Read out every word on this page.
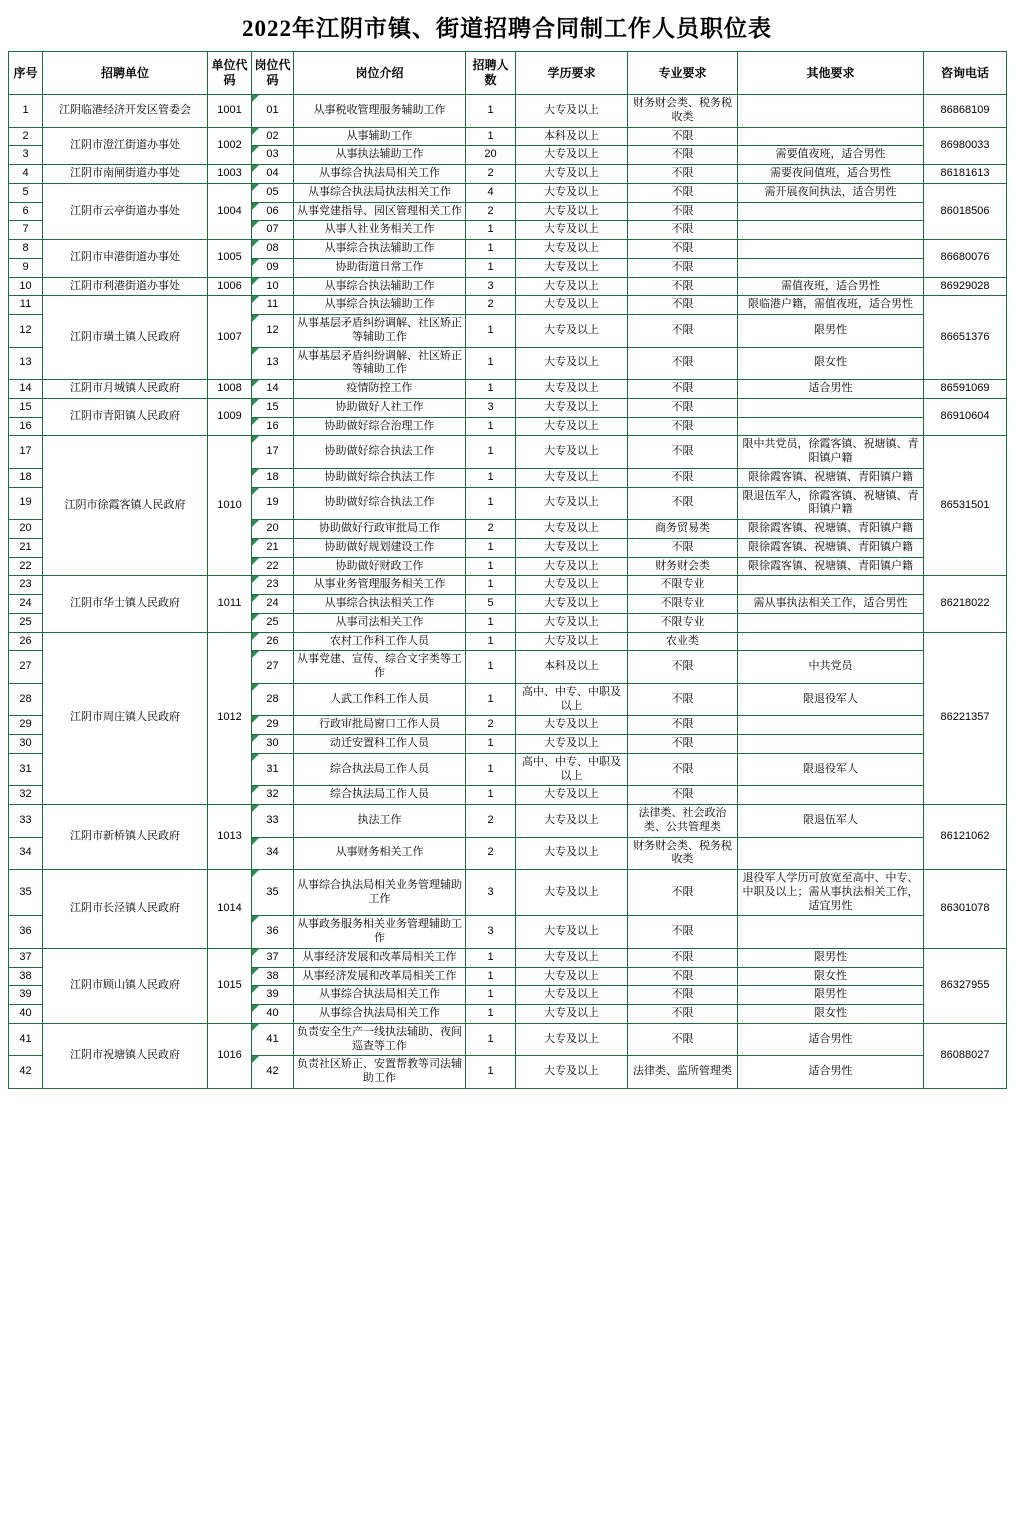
2022年江阴市镇、街道招聘合同制工作人员职位表
序号	招聘单位	单位代码	岗位代码	岗位介绍	招聘人数	学历要求	专业要求	其他要求	咨询电话
1	江阴临港经济开发区管委会	1001	01	从事税收管理服务辅助工作	1	大专及以上	财务财会类、税务税收类		86868109
2	江阴市澄江街道办事处	1002	02	从事辅助工作	1	本科及以上	不限		86980033
3			03	从事执法辅助工作	20	大专及以上	不限	需要值夜班，适合男性	
4	江阴市南闸街道办事处	1003	04	从事综合执法局相关工作	2	大专及以上	不限	需要夜间值班，适合男性	86181613
5	江阴市云亭街道办事处	1004	05	从事综合执法局执法相关工作	4	大专及以上	不限	需开展夜间执法，适合男性	86018506
6			06	从事党建指导、园区管理相关工作	2	大专及以上	不限		
7			07	从事人社业务相关工作	1	大专及以上	不限		
8	江阴市申港街道办事处	1005	08	从事综合执法辅助工作	1	大专及以上	不限		86680076
9			09	协助街道日常工作	1	大专及以上	不限		
10	江阴市利港街道办事处	1006	10	从事综合执法辅助工作	3	大专及以上	不限	需值夜班，适合男性	86929028
11	江阴市璜土镇人民政府	1007	11	从事综合执法辅助工作	2	大专及以上	不限	限临港户籍，需值夜班，适合男性	86651376
12			12	从事基层矛盾纠纷调解、社区矫正等辅助工作	1	大专及以上	不限	限男性	
13			13	从事基层矛盾纠纷调解、社区矫正等辅助工作	1	大专及以上	不限	限女性	
14	江阴市月城镇人民政府	1008	14	疫情防控工作	1	大专及以上	不限	适合男性	86591069
15	江阴市青阳镇人民政府	1009	15	协助做好人社工作	3	大专及以上	不限		86910604
16			16	协助做好综合治理工作	1	大专及以上	不限		
17	江阴市徐霞客镇人民政府	1010	17	协助做好综合执法工作	1	大专及以上	不限	限中共党员，徐霞客镇、祝塘镇、青阳镇户籍	86531501
18			18	协助做好综合执法工作	1	大专及以上	不限	限徐霞客镇、祝塘镇、青阳镇户籍	
19			19	协助做好综合执法工作	1	大专及以上	不限	限退伍军人，徐霞客镇、祝塘镇、青阳镇户籍	
20			20	协助做好行政审批局工作	2	大专及以上	商务贸易类	限徐霞客镇、祝塘镇、青阳镇户籍	
21			21	协助做好规划建设工作	1	大专及以上	不限	限徐霞客镇、祝塘镇、青阳镇户籍	
22			22	协助做好财政工作	1	大专及以上	财务财会类	限徐霞客镇、祝塘镇、青阳镇户籍	
23	江阴市华士镇人民政府	1011	23	从事业务管理服务相关工作	1	大专及以上	不限专业		86218022
24			24	从事综合执法相关工作	5	大专及以上	不限专业	需从事执法相关工作，适合男性	
25			25	从事司法相关工作	1	大专及以上	不限专业		
26	江阴市周庄镇人民政府	1012	26	农村工作科工作人员	1	大专及以上	农业类		86221357
27			27	从事党建、宣传、综合文字类等工作	1	本科及以上	不限	中共党员	
28			28	人武工作科工作人员	1	高中、中专、中职及以上	不限	限退役军人	
29			29	行政审批局窗口工作人员	2	大专及以上	不限		
30			30	动迁安置科工作人员	1	大专及以上	不限		
31			31	综合执法局工作人员	1	高中、中专、中职及以上	不限	限退役军人	
32			32	综合执法局工作人员	1	大专及以上	不限		
33	江阴市新桥镇人民政府	1013	33	执法工作	2	大专及以上	法律类、社会政治类、公共管理类	限退伍军人	86121062
34			34	从事财务相关工作	2	大专及以上	财务财会类、税务税收类		
35	江阴市长泾镇人民政府	1014	35	从事综合执法局相关业务管理辅助工作	3	大专及以上	不限	退役军人学历可放宽至高中、中专、中职及以上；需从事执法相关工作，适宜男性	86301078
36			36	从事政务服务相关业务管理辅助工作	3	大专及以上	不限		
37	江阴市顾山镇人民政府	1015	37	从事经济发展和改革局相关工作	1	大专及以上	不限	限男性	86327955
38			38	从事经济发展和改革局相关工作	1	大专及以上	不限	限女性	
39			39	从事综合执法局相关工作	1	大专及以上	不限	限男性	
40			40	从事综合执法局相关工作	1	大专及以上	不限	限女性	
41	江阴市祝塘镇人民政府	1016	41	负责安全生产一线执法辅助、夜间巡查等工作	1	大专及以上	不限	适合男性	86088027
42			42	负责社区矫正、安置帮教等司法辅助工作	1	大专及以上	法律类、监所管理类	适合男性	
